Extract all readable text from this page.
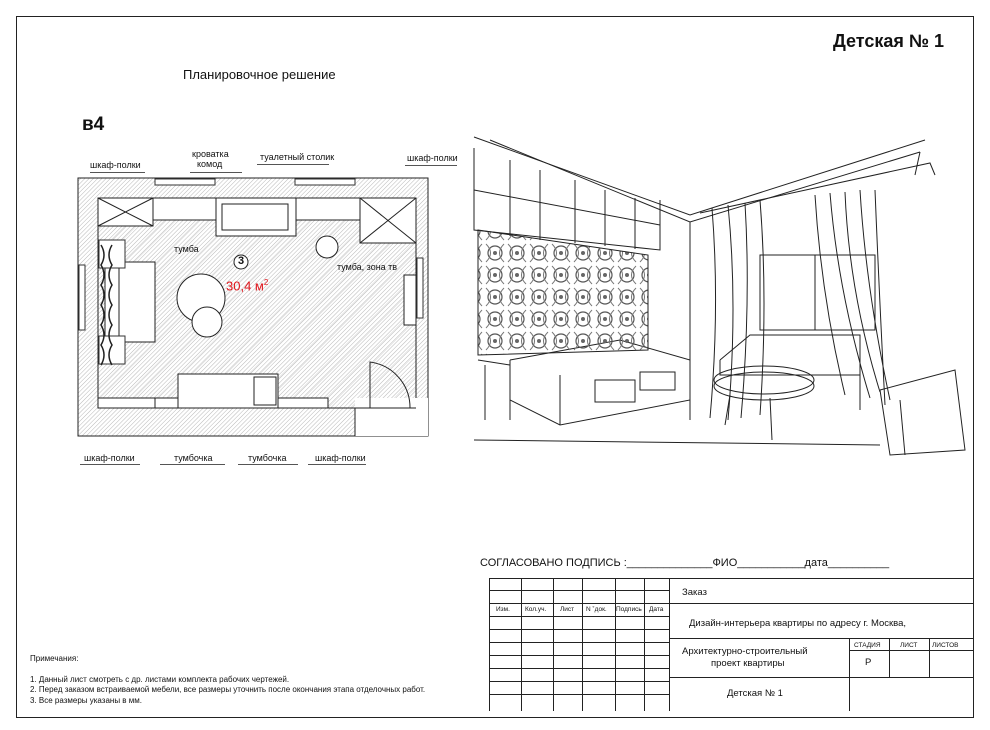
Детская № 1
Планировочное решение
в4
шкаф-полки
кроватка
комод
туалетный столик	шкаф-полки
тумба
тумба, зона тв
3
30,4 $м^2$
шкаф-полки	тумбочка	тумбочка	шкаф-полки
СОГЛАСОВАНО ПОДПИСЬ :______________ФИО___________дата__________
Примечания:
1. Данный лист смотреть с др. листами комплекта рабочих чертежей.
2. Перед заказом встраиваемой мебели, все размеры уточнить после окончания этапа отделочных работ.
3. Все размеры указаны в мм.
Изм. Кол.уч. Лист N ˚док. Подпись Дата
Заказ
Дизайн-интерьера квартиры по адресу г. Москва,
Архитектурно-строительный
проект квартиры
СТАДИЯ	ЛИСТ ЛИСТОВ
Р
Детская № 1
